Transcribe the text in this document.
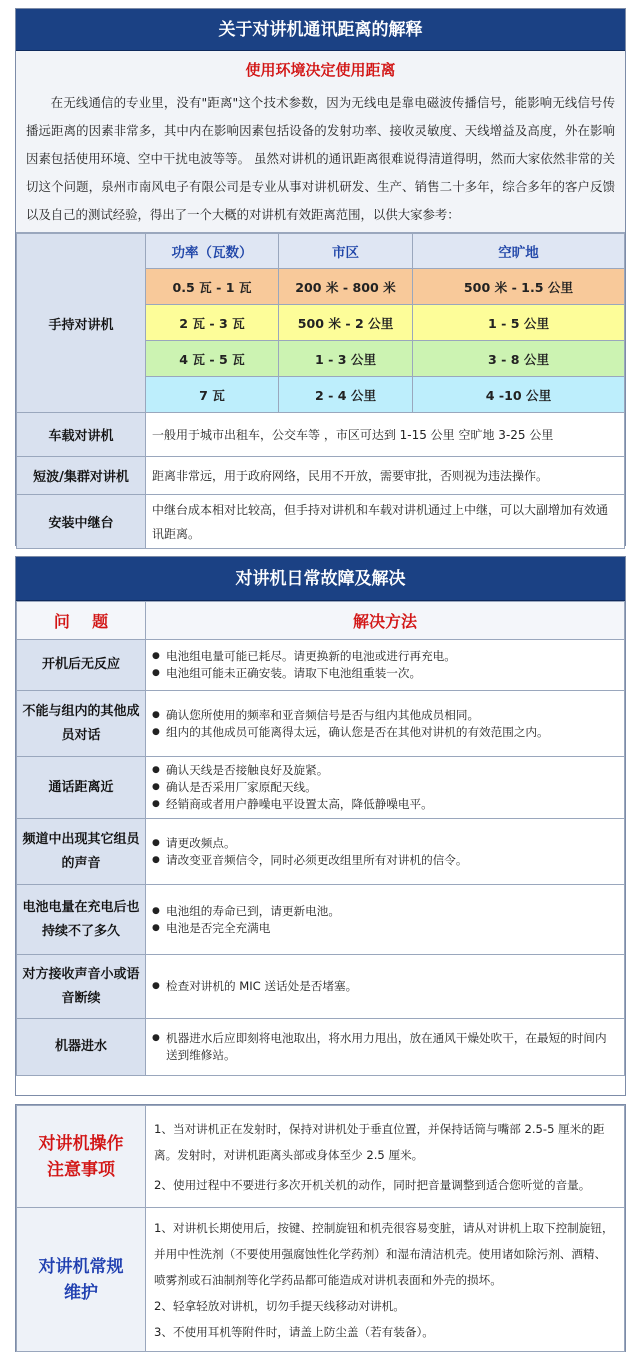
关于对讲机通讯距离的解释
使用环境决定使用距离
在无线通信的专业里，没有"距离"这个技术参数，因为无线电是靠电磁波传播信号，能影响无线信号传播远距离的因素非常多，其中内在影响因素包括设备的发射功率、接收灵敏度、天线增益及高度，外在影响因素包括使用环境、空中干扰电波等等。 虽然对讲机的通讯距离很难说得清道得明，然而大家依然非常的关切这个问题，泉州市南风电子有限公司是专业从事对讲机研发、生产、销售二十多年，综合多年的客户反馈以及自己的测试经验，得出了一个大概的对讲机有效距离范围，以供大家参考：
手持对讲机	功率（瓦数）	市区	空旷地
	0.5 瓦 - 1 瓦	200 米 - 800 米	500 米 - 1.5 公里
	2 瓦 - 3 瓦	500 米 - 2 公里	1 - 5 公里
	4 瓦 - 5 瓦	1 - 3 公里	3 - 8 公里
	7 瓦	2 - 4 公里	4 -10 公里
车载对讲机	一般用于城市出租车，公交车等 ，市区可达到 1-15 公里 空旷地 3-25 公里		
短波/集群对讲机	距离非常远，用于政府网络，民用不开放，需要审批，否则视为违法操作。		
安装中继台	中继台成本相对比较高，但手持对讲机和车载对讲机通过上中继，可以大副增加有效通讯距离。		
对讲机日常故障及解决
问    题	解决方法
开机后无反应	● 电池组电量可能已耗尽。请更换新的电池或进行再充电。
● 电池组可能未正确安装。请取下电池组重装一次。

不能与组内的其他成员对话	● 确认您所使用的频率和亚音频信号是否与组内其他成员相同。
● 组内的其他成员可能离得太远，确认您是否在其他对讲机的有效范围之内。

通话距离近	● 确认天线是否接触良好及旋紧。
● 确认是否采用厂家原配天线。
● 经销商或者用户静噪电平设置太高，降低静噪电平。

频道中出现其它组员的声音	● 请更改频点。
● 请改变亚音频信令，同时必须更改组里所有对讲机的信令。

电池电量在充电后也持续不了多久	● 电池组的寿命已到，请更新电池。
● 电池是否完全充满电

对方接收声音小或语音断续	● 检查对讲机的 MIC 送话处是否堵塞。

机器进水	● 机器进水后应即刻将电池取出，将水用力甩出，放在通风干燥处吹干，在最短的时间内送到维修站。
对讲机操作注意事项	1、当对讲机正在发射时，保持对讲机处于垂直位置，并保持话筒与嘴部 2.5-5 厘米的距离。发射时，对讲机距离头部或身体至少 2.5 厘米。
2、使用过程中不要进行多次开机关机的动作，同时把音量调整到适合您听觉的音量。

对讲机常规维护	1、对讲机长期使用后，按键、控制旋钮和机壳很容易变脏，请从对讲机上取下控制旋钮，并用中性洗剂（不要使用强腐蚀性化学药剂）和湿布清洁机壳。使用诸如除污剂、酒精、喷雾剂或石油制剂等化学药品都可能造成对讲机表面和外壳的损坏。
2、轻拿轻放对讲机，切勿手提天线移动对讲机。
3、不使用耳机等附件时，请盖上防尘盖（若有装备）。
